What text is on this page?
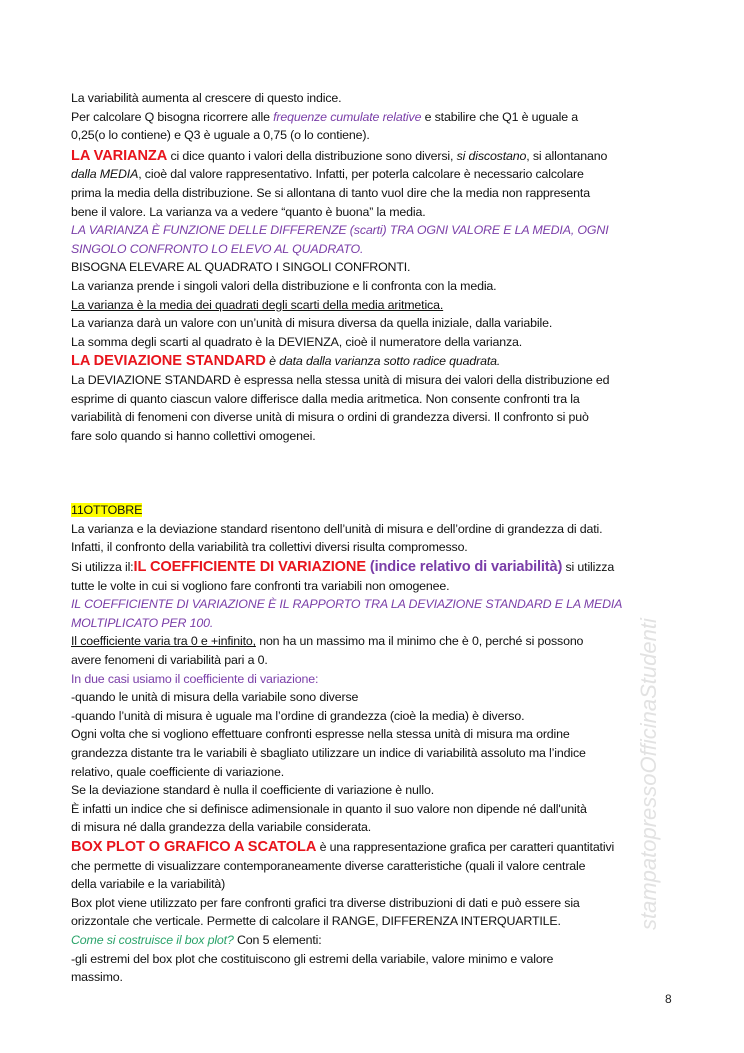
stampatopressoOfficinaStudenti

La variabilità aumenta al crescere di questo indice.

Per calcolare Q bisogna ricorrere alle frequenze cumulate relative e stabilire che Q1 è uguale a

0,25(o lo contiene) e Q3 è uguale a 0,75 (o lo contiene).

LA VARIANZA ci dice quanto i valori della distribuzione sono diversi, si discostano, si allontanano

dalla MEDIA, cioè dal valore rappresentativo. Infatti, per poterla calcolare è necessario calcolare

prima la media della distribuzione. Se si allontana di tanto vuol dire che la media non rappresenta

bene il valore. La varianza va a vedere “quanto è buona” la media.

LA VARIANZA È FUNZIONE DELLE DIFFERENZE (scarti) TRA OGNI VALORE E LA MEDIA, OGNI

SINGOLO CONFRONTO LO ELEVO AL QUADRATO.

BISOGNA ELEVARE AL QUADRATO I SINGOLI CONFRONTI.

La varianza prende i singoli valori della distribuzione e li confronta con la media.

La varianza è la media dei quadrati degli scarti della media aritmetica.

La varianza darà un valore con un’unità di misura diversa da quella iniziale, dalla variabile.

La somma degli scarti al quadrato è la DEVIENZA, cioè il numeratore della varianza.

LA DEVIAZIONE STANDARD è data dalla varianza sotto radice quadrata.

La DEVIAZIONE STANDARD è espressa nella stessa unità di misura dei valori della distribuzione ed

esprime di quanto ciascun valore differisce dalla media aritmetica. Non consente confronti tra la

variabilità di fenomeni con diverse unità di misura o ordini di grandezza diversi. Il confronto si può

fare solo quando si hanno collettivi omogenei.

11OTTOBRE

La varianza e la deviazione standard risentono dell’unità di misura e dell’ordine di grandezza di dati.

Infatti, il confronto della variabilità tra collettivi diversi risulta compromesso.

Si utilizza il:IL COEFFICIENTE DI VARIAZIONE (indice relativo di variabilità) si utilizza

tutte le volte in cui si vogliono fare confronti tra variabili non omogenee.

IL COEFFICIENTE DI VARIAZIONE È IL RAPPORTO TRA LA DEVIAZIONE STANDARD E LA MEDIA

MOLTIPLICATO PER 100.

Il coefficiente varia tra 0 e +infinito, non ha un massimo ma il minimo che è 0, perché si possono

avere fenomeni di variabilità pari a 0.

In due casi usiamo il coefficiente di variazione:

-quando le unità di misura della variabile sono diverse

-quando l’unità di misura è uguale ma l’ordine di grandezza (cioè la media) è diverso.

Ogni volta che si vogliono effettuare confronti espresse nella stessa unità di misura ma ordine

grandezza distante tra le variabili è sbagliato utilizzare un indice di variabilità assoluto ma l’indice

relativo, quale coefficiente di variazione.

Se la deviazione standard è nulla il coefficiente di variazione è nullo.

È infatti un indice che si definisce adimensionale in quanto il suo valore non dipende né dall'unità

di misura né dalla grandezza della variabile considerata.

BOX PLOT O GRAFICO A SCATOLA è una rappresentazione grafica per caratteri quantitativi

che permette di visualizzare contemporaneamente diverse caratteristiche (quali il valore centrale

della variabile e la variabilità)

Box plot viene utilizzato per fare confronti grafici tra diverse distribuzioni di dati e può essere sia

orizzontale che verticale. Permette di calcolare il RANGE, DIFFERENZA INTERQUARTILE.

Come si costruisce il box plot? Con 5 elementi:

-gli estremi del box plot che costituiscono gli estremi della variabile, valore minimo e valore

massimo.

8
